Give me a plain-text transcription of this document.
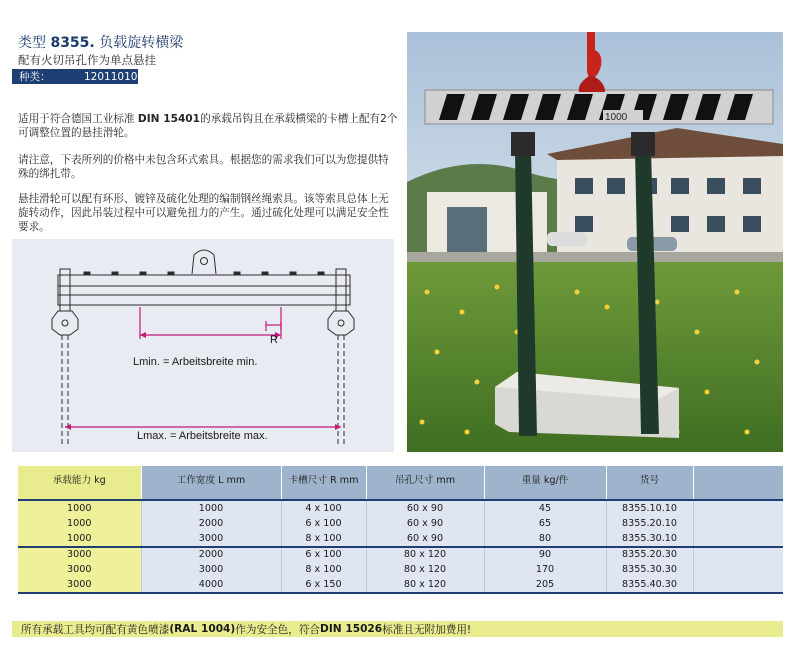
类型 8355. 负载旋转横梁
配有火切吊孔作为单点悬挂
种类：	12011010
适用于符合德国工业标准 DIN 15401的承载吊钩且在承载横梁的卡槽上配有2个可调整位置的悬挂滑轮。
请注意，下表所列的价格中未包含环式索具。根据您的需求我们可以为您提供特殊的绑扎带。
悬挂滑轮可以配有环形、镀锌及硫化处理的编制钢丝绳索具。该等索具总体上无旋转动作，因此吊装过程中可以避免扭力的产生。通过硫化处理可以满足安全性要求。
R
Lmin. = Arbeitsbreite min.
Lmax. = Arbeitsbreite max.
1000
承载能力 kg	工作宽度 L mm	卡槽尺寸 R mm	吊孔尺寸 mm	重量 kg/件	货号	
1000	1000	4 x 100	60 x 90	45	8355.10.10	
1000	2000	6 x 100	60 x 90	65	8355.20.10	
1000	3000	8 x 100	60 x 90	80	8355.30.10	
3000	2000	6 x 100	80 x 120	90	8355.20.30	
3000	3000	8 x 100	80 x 120	170	8355.30.30	
3000	4000	6 x 150	80 x 120	205	8355.40.30	
所有承载工具均可配有黄色喷漆 (RAL 1004) 作为安全色，符合 DIN 15026 标准且无附加费用!
